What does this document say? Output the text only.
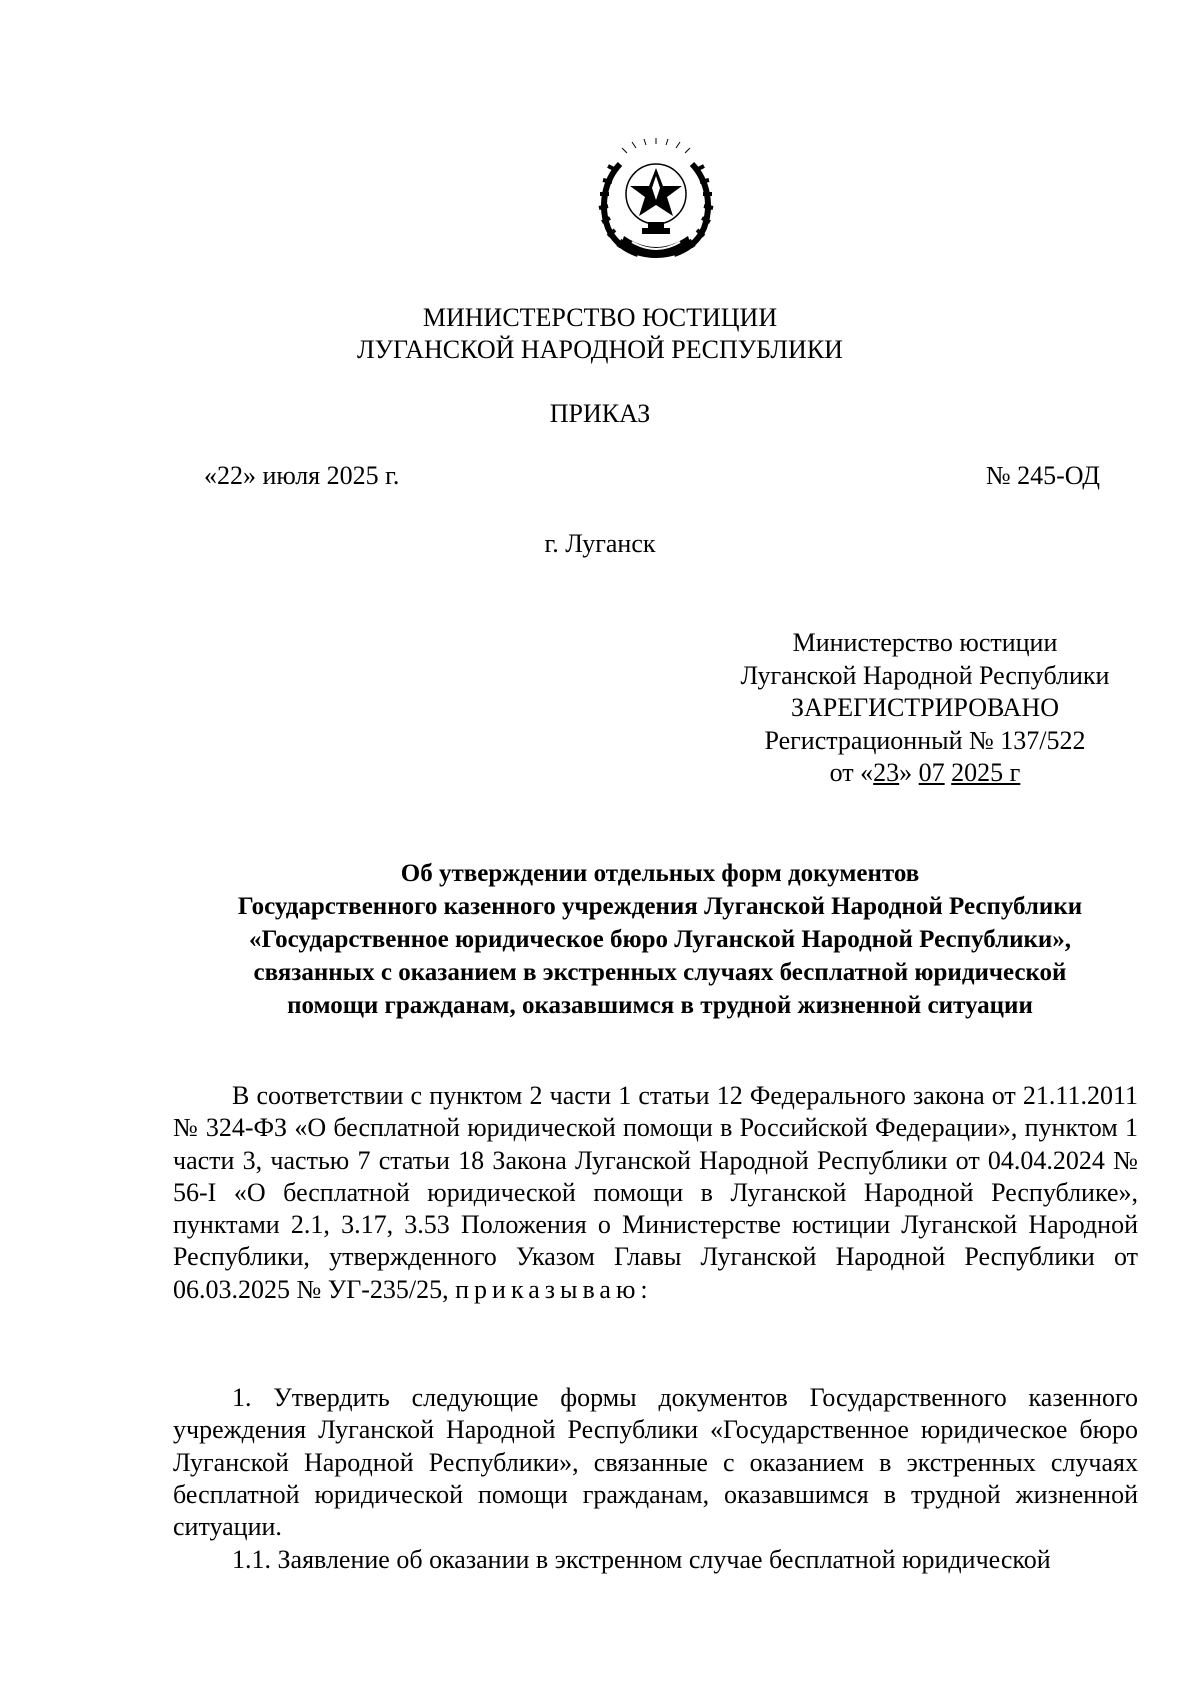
МИНИСТЕРСТВО ЮСТИЦИИ
ЛУГАНСКОЙ НАРОДНОЙ РЕСПУБЛИКИ
ПРИКАЗ
«22» июля 2025 г.	№ 245-ОД
г. Луганск
Министерство юстиции
Луганской Народной Республики
ЗАРЕГИСТРИРОВАНО
Регистрационный № 137/522
от «23» 07 2025 г
Об утверждении отдельных форм документов
Государственного казенного учреждения Луганской Народной Республики
«Государственное юридическое бюро Луганской Народной Республики»,
связанных с оказанием в экстренных случаях бесплатной юридической
помощи гражданам, оказавшимся в трудной жизненной ситуации

В соответствии с пунктом 2 части 1 статьи 12 Федерального закона от 21.11.2011 № 324-ФЗ «О бесплатной юридической помощи в Российской Федерации», пунктом 1 части 3, частью 7 статьи 18 Закона Луганской Народной Республики от 04.04.2024 № 56-I «О бесплатной юридической помощи в Луганской Народной Республике», пунктами 2.1, 3.17, 3.53 Положения о Министерстве юстиции Луганской Народной Республики, утвержденного Указом Главы Луганской Народной Республики от 06.03.2025 № УГ-235/25, приказываю:

1. Утвердить следующие формы документов Государственного казенного учреждения Луганской Народной Республики «Государственное юридическое бюро Луганской Народной Республики», связанные с оказанием в экстренных случаях бесплатной юридической помощи гражданам, оказавшимся в трудной жизненной ситуации.

1.1. Заявление об оказании в экстренном случае бесплатной юридической
